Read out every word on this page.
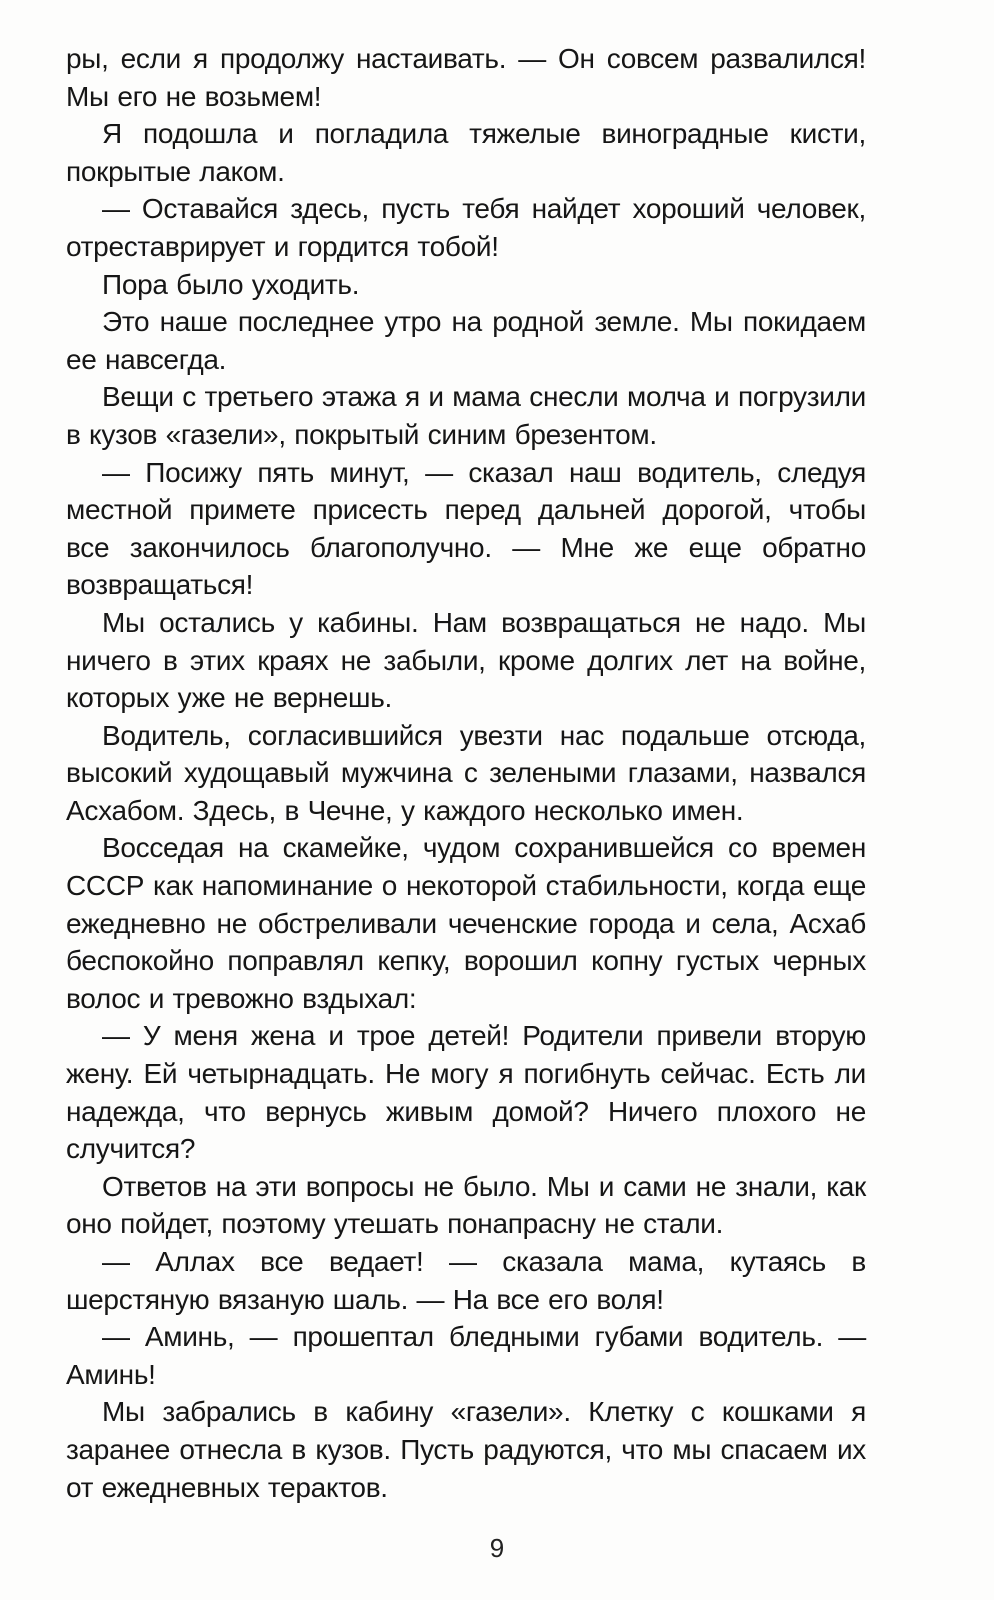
ры, если я продолжу настаивать. — Он совсем развалился! Мы его не возьмем!

Я подошла и погладила тяжелые виноградные кисти, покрытые лаком.

— Оставайся здесь, пусть тебя найдет хороший человек, отреставрирует и гордится тобой!

Пора было уходить.

Это наше последнее утро на родной земле. Мы покидаем ее навсегда.

Вещи с третьего этажа я и мама снесли молча и погрузили в кузов «газели», покрытый синим брезентом.

— Посижу пять минут, — сказал наш водитель, следуя местной примете присесть перед дальней дорогой, чтобы все закончилось благополучно. — Мне же еще обратно возвращаться!

Мы остались у кабины. Нам возвращаться не надо. Мы ничего в этих краях не забыли, кроме долгих лет на войне, которых уже не вернешь.

Водитель, согласившийся увезти нас подальше отсюда, высокий худощавый мужчина с зелеными глазами, назвался Асхабом. Здесь, в Чечне, у каждого несколько имен.

Восседая на скамейке, чудом сохранившейся со времен СССР как напоминание о некоторой стабильности, когда еще ежедневно не обстреливали чеченские города и села, Асхаб беспокойно поправлял кепку, ворошил копну густых черных волос и тревожно вздыхал:

— У меня жена и трое детей! Родители привели вторую жену. Ей четырнадцать. Не могу я погибнуть сейчас. Есть ли надежда, что вернусь живым домой? Ничего плохого не случится?

Ответов на эти вопросы не было. Мы и сами не знали, как оно пойдет, поэтому утешать понапрасну не стали.

— Аллах все ведает! — сказала мама, кутаясь в шерстяную вязаную шаль. — На все его воля!

— Аминь, — прошептал бледными губами водитель. — Аминь!

Мы забрались в кабину «газели». Клетку с кошками я заранее отнесла в кузов. Пусть радуются, что мы спасаем их от ежедневных терактов.

9
